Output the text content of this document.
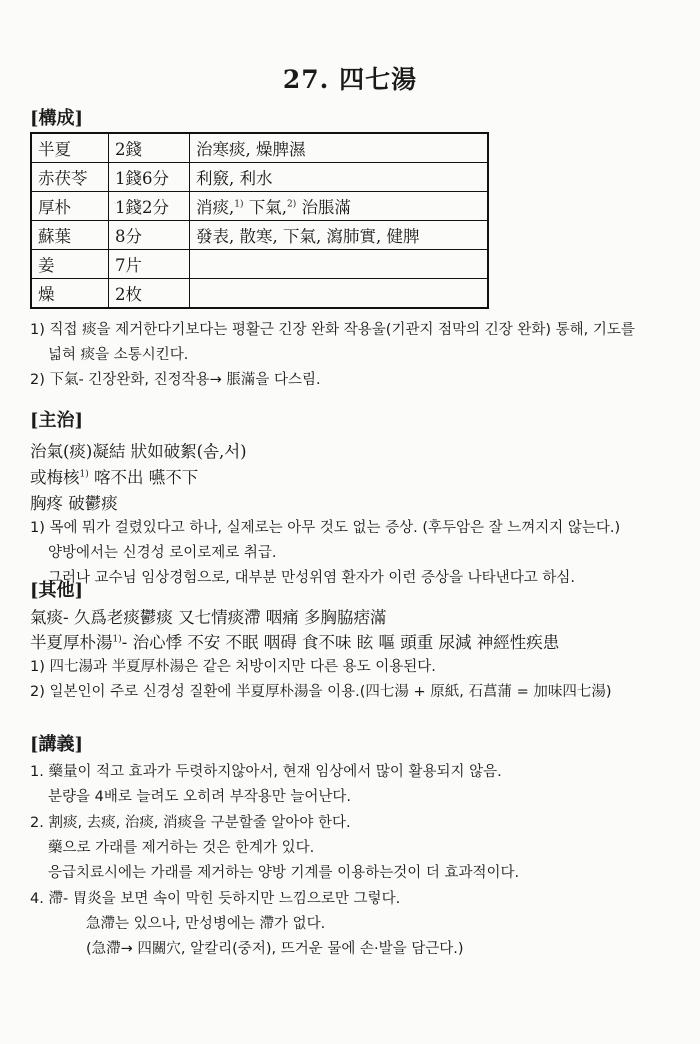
27. 四七湯
[構成]
半夏	2錢	治寒痰, 燥脾濕
赤茯苓	1錢6分	利竅, 利水
厚朴	1錢2分	消痰,$^{1)}$ 下氣,$^{2)}$ 治脹滿
蘇葉	8分	發表, 散寒, 下氣, 瀉肺實, 健脾
姜	7片	
燥	2枚	
1) 직접 痰을 제거한다기보다는 평활근 긴장 완화 작용울(기관지 점막의 긴장 완화) 통해, 기도를
넓혀 痰을 소통시킨다.
2) 下氣- 긴장완화, 진정작용→ 脹滿을 다스림.
[主治]
治氣(痰)凝結 狀如破絮(솜,서)
或梅核$^{1)}$ 喀不出 嚥不下
胸疼 破鬱痰
1) 목에 뭐가 걸렸있다고 하나, 실제로는 아무 것도 없는 증상. (후두암은 잘 느껴지지 않는다.)
양방에서는 신경성 로이로제로 취급.
그러나 교수님 임상경험으로, 대부분 만성위염 환자가 이런 증상을 나타낸다고 하심.
[其他]
氣痰- 久爲老痰鬱痰 又七情痰滯 咽痛 多胸脇痞滿
半夏厚朴湯$^{1)}$- 治心悸 不安 不眠 咽碍 食不味 眩 嘔 頭重 尿減 神經性疾患
1) 四七湯과 半夏厚朴湯은 같은 처방이지만 다른 용도 이용된다.
2) 일본인이 주로 신경성 질환에 半夏厚朴湯을 이용.(四七湯 + 原紙, 石菖蒲 = 加味四七湯)
[講義]
1. 藥量이 적고 효과가 두렷하지않아서, 현재 임상에서 많이 활용되지 않음.
분량을 4배로 늘려도 오히려 부작용만 늘어난다.
2. 割痰, 去痰, 治痰, 消痰을 구분할줄 알아야 한다.
藥으로 가래를 제거하는 것은 한계가 있다.
응급치료시에는 가래를 제거하는 양방 기계를 이용하는것이 더 효과적이다.
4. 滯- 胃炎을 보면 속이 막힌 듯하지만 느낌으로만 그렇다.
急滯는 있으나, 만성병에는 滯가 없다.
(急滯→ 四關穴, 알칼리(중저), 뜨거운 물에 손·발을 담근다.)
